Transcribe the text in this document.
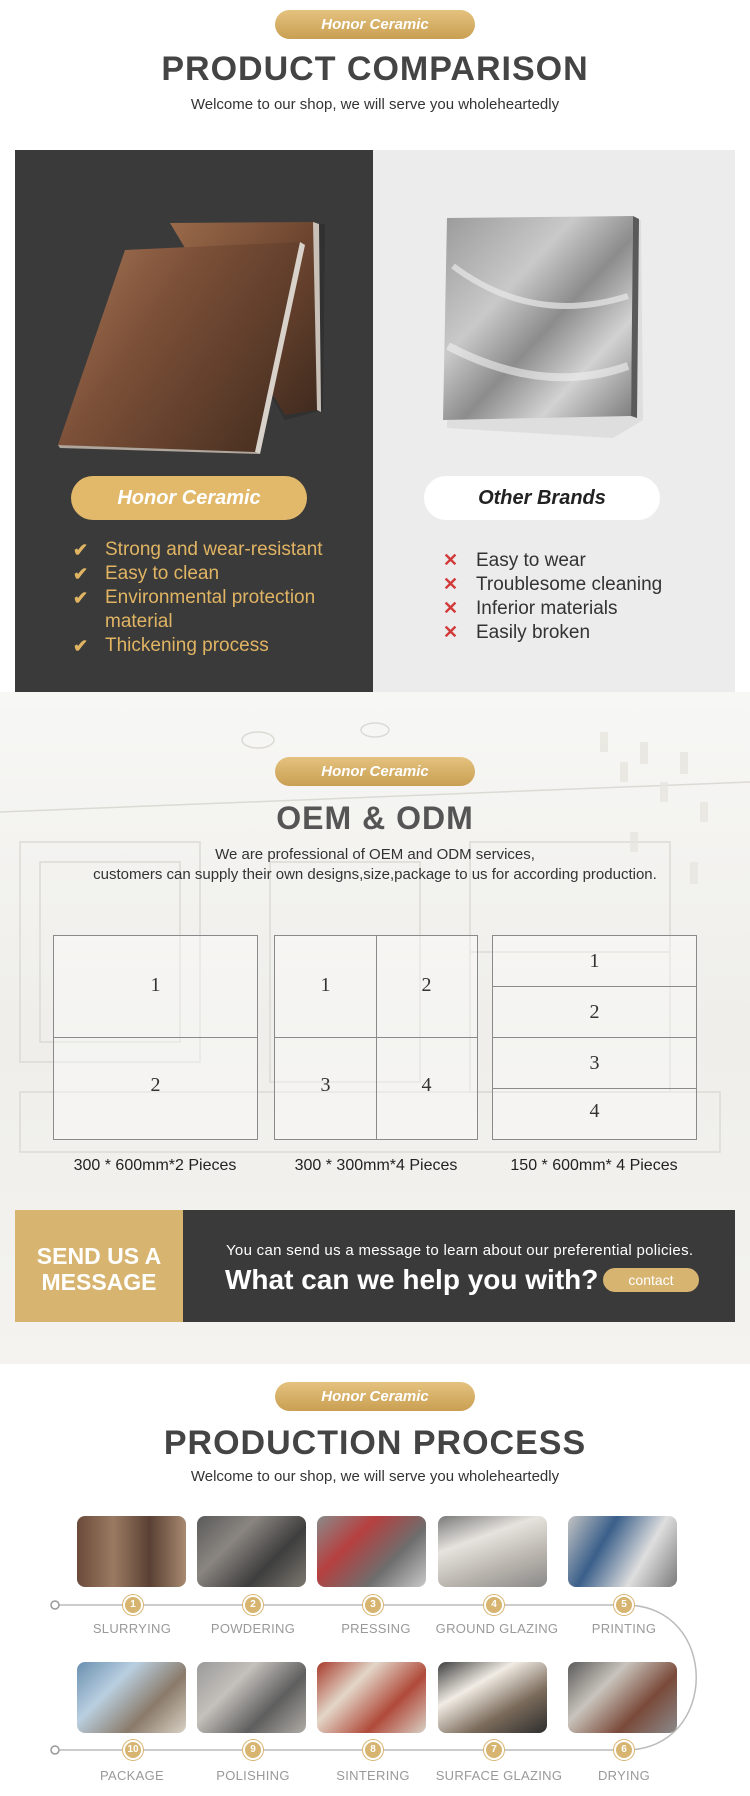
Honor Ceramic
PRODUCT COMPARISON
Welcome to our shop, we will serve you wholeheartedly
Honor Ceramic
✔ Strong and wear-resistant
✔ Easy to clean
✔ Environmental protection
material
✔ Thickening process
Other Brands
✕ Easy to wear
✕ Troublesome cleaning
✕ Inferior materials
✕ Easily broken
Honor Ceramic
OEM & ODM
We are professional of OEM and ODM services,
customers can supply their own designs,size,package to us for according production.
1
2
300 * 600mm*2 Pieces
1	2
3	4
300 * 300mm*4 Pieces
1
2
3
4
150 * 600mm* 4 Pieces
SEND US A
MESSAGE
You can send us a message to learn about our preferential policies.
What can we help you with?	contact
Honor Ceramic
PRODUCTION PROCESS
Welcome to our shop, we will serve you wholeheartedly
1	2	3	4	5
SLURRYING	POWDERING	PRESSING	GROUND GLAZING	PRINTING
10	9	8	7	6
PACKAGE	POLISHING	SINTERING	SURFACE GLAZING	DRYING
